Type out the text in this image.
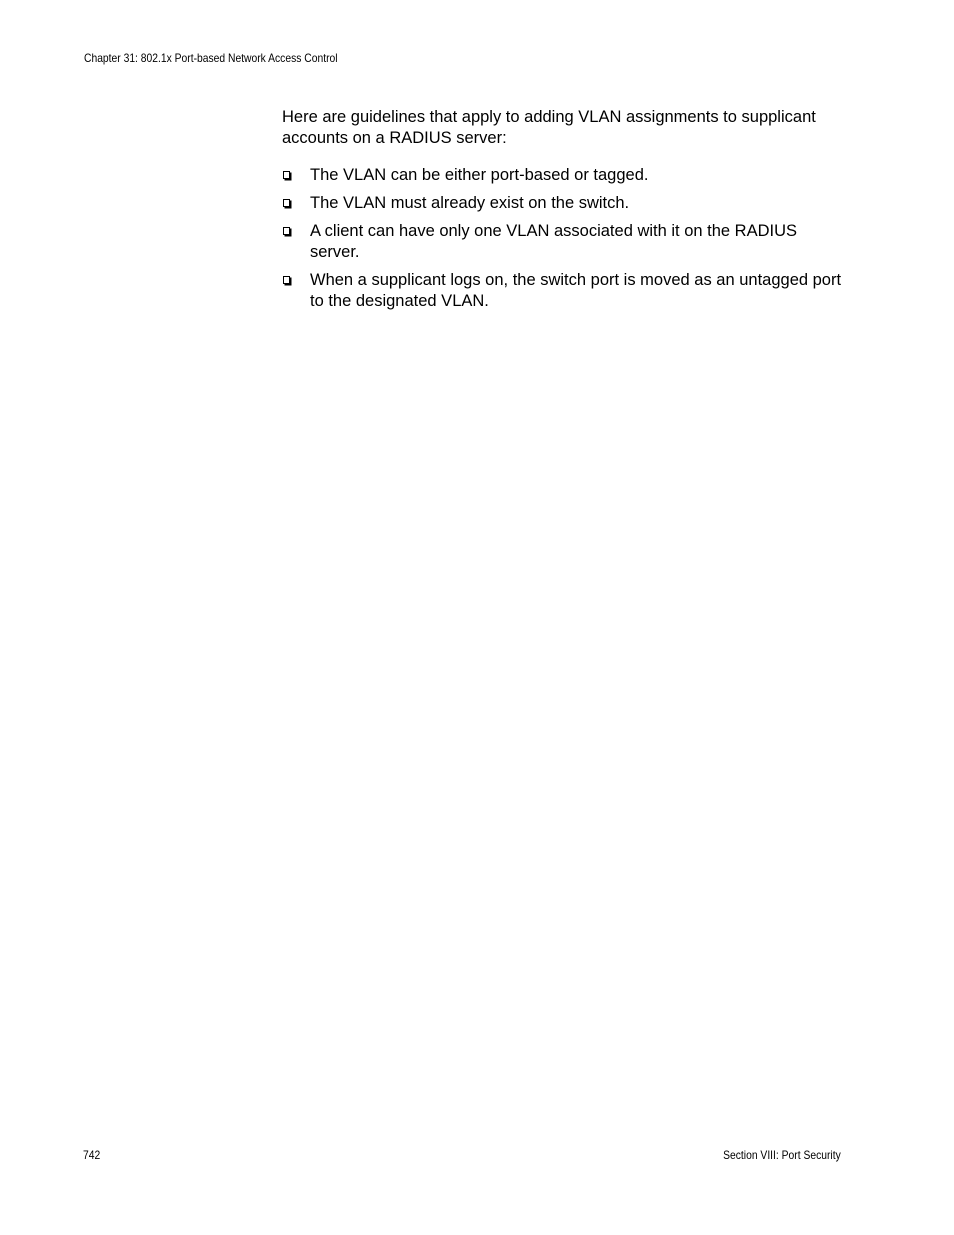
Chapter 31: 802.1x Port-based Network Access Control

Here are guidelines that apply to adding VLAN assignments to supplicant accounts on a RADIUS server:

The VLAN can be either port-based or tagged.
The VLAN must already exist on the switch.
A client can have only one VLAN associated with it on the RADIUS server.
When a supplicant logs on, the switch port is moved as an untagged port to the designated VLAN.
742	Section VIII: Port Security
